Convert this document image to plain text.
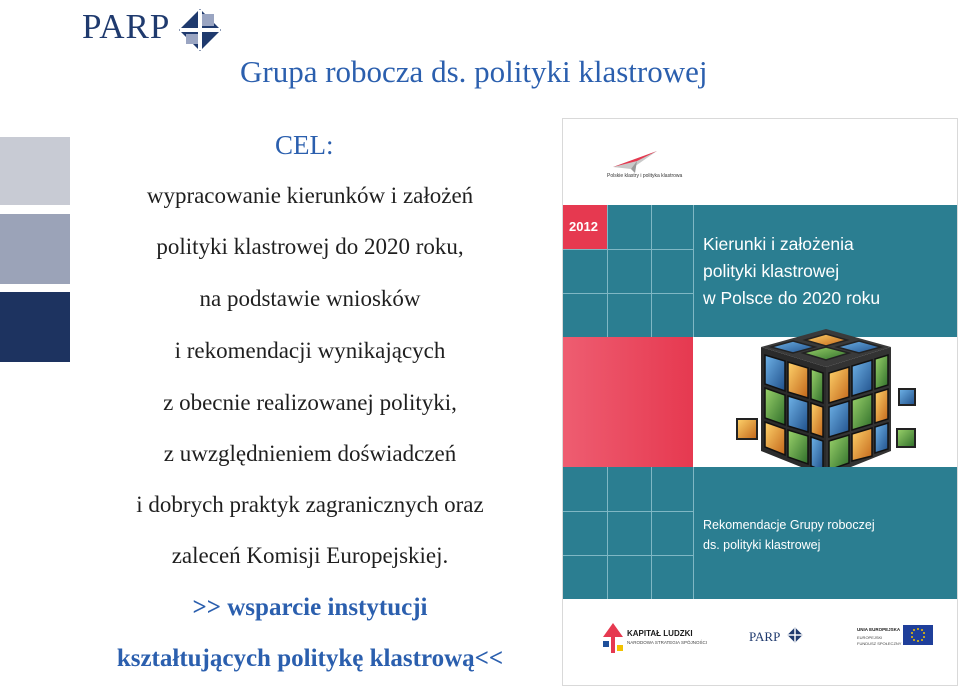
PARP
Grupa robocza ds. polityki klastrowej
CEL:
wypracowanie kierunków i założeń
polityki klastrowej do 2020 roku,
na podstawie wniosków
i rekomendacji wynikających
z obecnie realizowanej polityki,
z uwzględnieniem doświadczeń
i dobrych praktyk zagranicznych oraz
zaleceń Komisji Europejskiej.
>> wsparcie instytucji
kształtujących politykę klastrową<<
Polskie klastry i polityka klastrowa
2012
Kierunki i założenia
polityki klastrowej
w Polsce do 2020 roku
Rekomendacje Grupy roboczej
ds. polityki klastrowej
KAPITAŁ LUDZKI
NARODOWA STRATEGIA SPÓJNOŚCI	PARP	UNIA EUROPEJSKA
EUROPEJSKI
FUNDUSZ SPOŁECZNY
